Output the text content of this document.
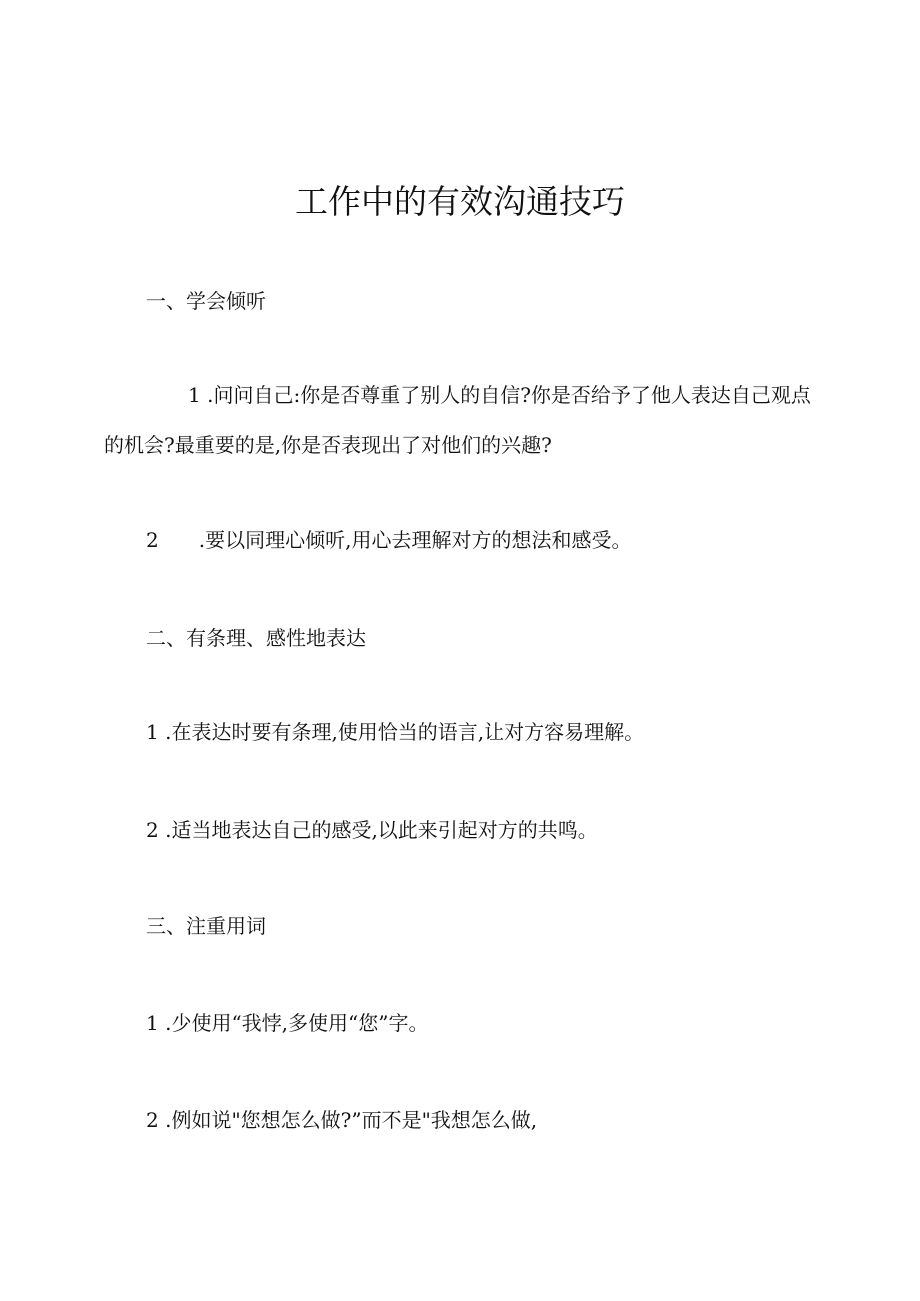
工作中的有效沟通技巧
一、学会倾听

1 .问问自己:你是否尊重了别人的自信?你是否给予了他人表达自己观点的机会?最重要的是,你是否表现出了对他们的兴趣?

2 .要以同理心倾听,用心去理解对方的想法和感受。
二、有条理、感性地表达
1 .在表达时要有条理,使用恰当的语言,让对方容易理解。
2 .适当地表达自己的感受,以此来引起对方的共鸣。
三、注重用词
1 .少使用“我悖,多使用“您”字。
2 .例如说"您想怎么做?”而不是"我想怎么做,
